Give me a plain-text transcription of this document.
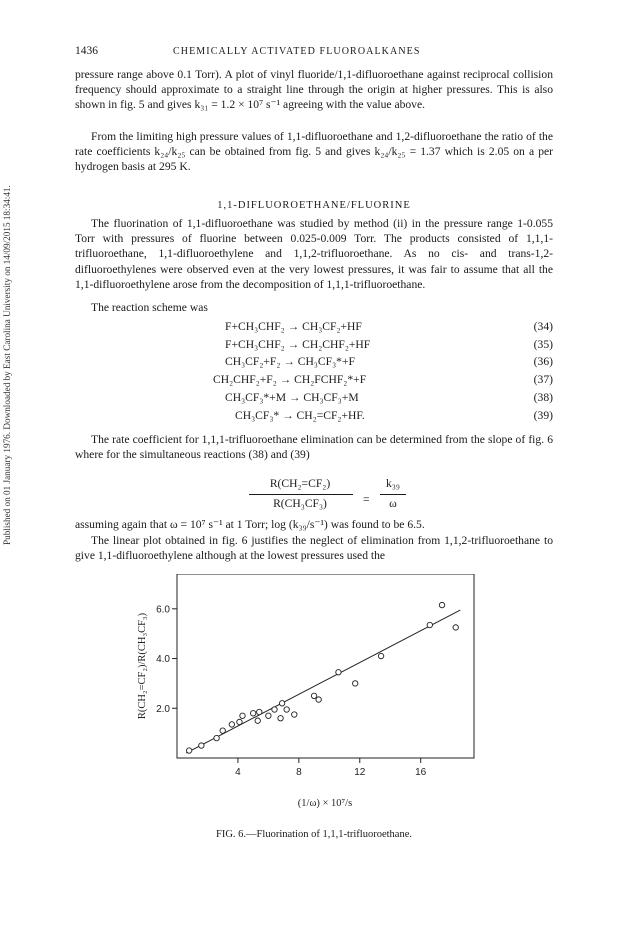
Published on 01 January 1976. Downloaded by East Carolina University on 14/09/2015 18:34:41.
1436	CHEMICALLY ACTIVATED FLUOROALKANES

pressure range above 0.1 Torr). A plot of vinyl fluoride/1,1-difluoroethane against reciprocal collision frequency should approximate to a straight line through the origin at higher pressures. This is also shown in fig. 5 and gives k₃₁ = 1.2 × 10⁷ s⁻¹ agreeing with the value above.

From the limiting high pressure values of 1,1-difluoroethane and 1,2-difluoroethane the ratio of the rate coefficients k₂₄/k₂₅ can be obtained from fig. 5 and gives k₂₄/k₂₅ = 1.37 which is 2.05 on a per hydrogen basis at 295 K.

1,1-DIFLUOROETHANE/FLUORINE

The fluorination of 1,1-difluoroethane was studied by method (ii) in the pressure range 1-0.055 Torr with pressures of fluorine between 0.025-0.009 Torr. The products consisted of 1,1,1-trifluoroethane, 1,1-difluoroethylene and 1,1,2-trifluoroethane. As no cis- and trans-1,2-difluoroethylenes were observed even at the very lowest pressures, it was fair to assume that all the 1,1-difluoroethylene arose from the decomposition of 1,1,1-trifluoroethane.

The reaction scheme was

F+CH₃CHF₂ → CH₃CF₂+HF	(34)
F+CH₃CHF₂ → CH₂CHF₂+HF	(35)
CH₃CF₂+F₂ → CH₃CF₃*+F	(36)
CH₂CHF₂+F₂ → CH₂FCHF₂*+F	(37)
CH₃CF₃*+M → CH₃CF₃+M	(38)
CH₃CF₃* → CH₂=CF₂+HF.	(39)

The rate coefficient for 1,1,1-trifluoroethane elimination can be determined from the slope of fig. 6 where for the simultaneous reactions (38) and (39)

R(CH₂=CF₂)
R(CH₃CF₃)	=
k₃₉
ω

assuming again that ω = 10⁷ s⁻¹ at 1 Torr; log (k₃₉/s⁻¹) was found to be 6.5.

The linear plot obtained in fig. 6 justifies the neglect of elimination from 1,1,2-trifluoroethane to give 1,1-difluoroethylene although at the lowest pressures used the

4	8	12	16
2.0
4.0
6.0
R(CH₂=CF₂)/R(CH₃CF₃)
(1/ω) × 10⁷/s
FIG. 6.—Fluorination of 1,1,1-trifluoroethane.
